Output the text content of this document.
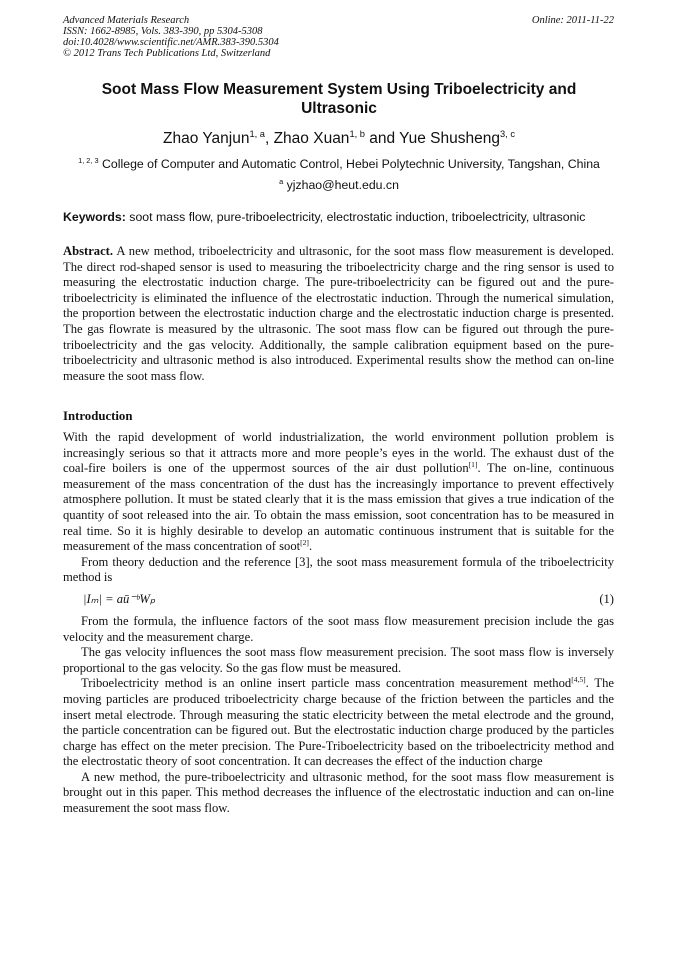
Advanced Materials Research
ISSN: 1662-8985, Vols. 383-390, pp 5304-5308
doi:10.4028/www.scientific.net/AMR.383-390.5304
© 2012 Trans Tech Publications Ltd, Switzerland
Online: 2011-11-22
Soot Mass Flow Measurement System Using Triboelectricity and Ultrasonic
Zhao Yanjun$^{1, a}$, Zhao Xuan$^{1, b}$ and Yue Shusheng$^{3, c}$
$^{1, 2, 3}$ College of Computer and Automatic Control, Hebei Polytechnic University, Tangshan, China
$^a$ yjzhao@heut.edu.cn
Keywords: soot mass flow, pure-triboelectricity, electrostatic induction, triboelectricity, ultrasonic

Abstract. A new method, triboelectricity and ultrasonic, for the soot mass flow measurement is developed. The direct rod-shaped sensor is used to measuring the triboelectricity charge and the ring sensor is used to measuring the electrostatic induction charge. The pure-triboelectricity can be figured out and the pure-triboelectricity is eliminated the influence of the electrostatic induction. Through the numerical simulation, the proportion between the electrostatic induction charge and the electrostatic induction charge is presented. The gas flowrate is measured by the ultrasonic. The soot mass flow can be figured out through the pure-triboelectricity and the gas velocity. Additionally, the sample calibration equipment based on the pure-triboelectricity and ultrasonic method is also introduced. Experimental results show the method can on-line measure the soot mass flow.

Introduction

With the rapid development of world industrialization, the world environment pollution problem is increasingly serious so that it attracts more and more people’s eyes in the world. The exhaust dust of the coal-fire boilers is one of the uppermost sources of the air dust pollution[1]. The on-line, continuous measurement of the mass concentration of the dust has the increasingly importance to prevent effectively atmosphere pollution. It must be stated clearly that it is the mass emission that gives a true indication of the quantity of soot released into the air. To obtain the mass emission, soot concentration has to be measured in real time. So it is highly desirable to develop an automatic continuous instrument that is suitable for the measurement of the mass concentration of soot[2].

From theory deduction and the reference [3], the soot mass measurement formula of the triboelectricity method is

|Iₘ| = aū⁻ᵇWₚ	(1)

From the formula, the influence factors of the soot mass flow measurement precision include the gas velocity and the measurement charge.

The gas velocity influences the soot mass flow measurement precision. The soot mass flow is inversely proportional to the gas velocity. So the gas flow must be measured.

Triboelectricity method is an online insert particle mass concentration measurement method[4,5]. The moving particles are produced triboelectricity charge because of the friction between the particles and the insert metal electrode. Through measuring the static electricity between the metal electrode and the ground, the particle concentration can be figured out. But the electrostatic induction charge produced by the particles charge has effect on the meter precision. The Pure-Triboelectricity based on the triboelectricity method and the electrostatic theory of soot concentration. It can decreases the effect of the induction charge

A new method, the pure-triboelectricity and ultrasonic method, for the soot mass flow measurement is brought out in this paper. This method decreases the influence of the electrostatic induction and can on-line measurement the soot mass flow.
